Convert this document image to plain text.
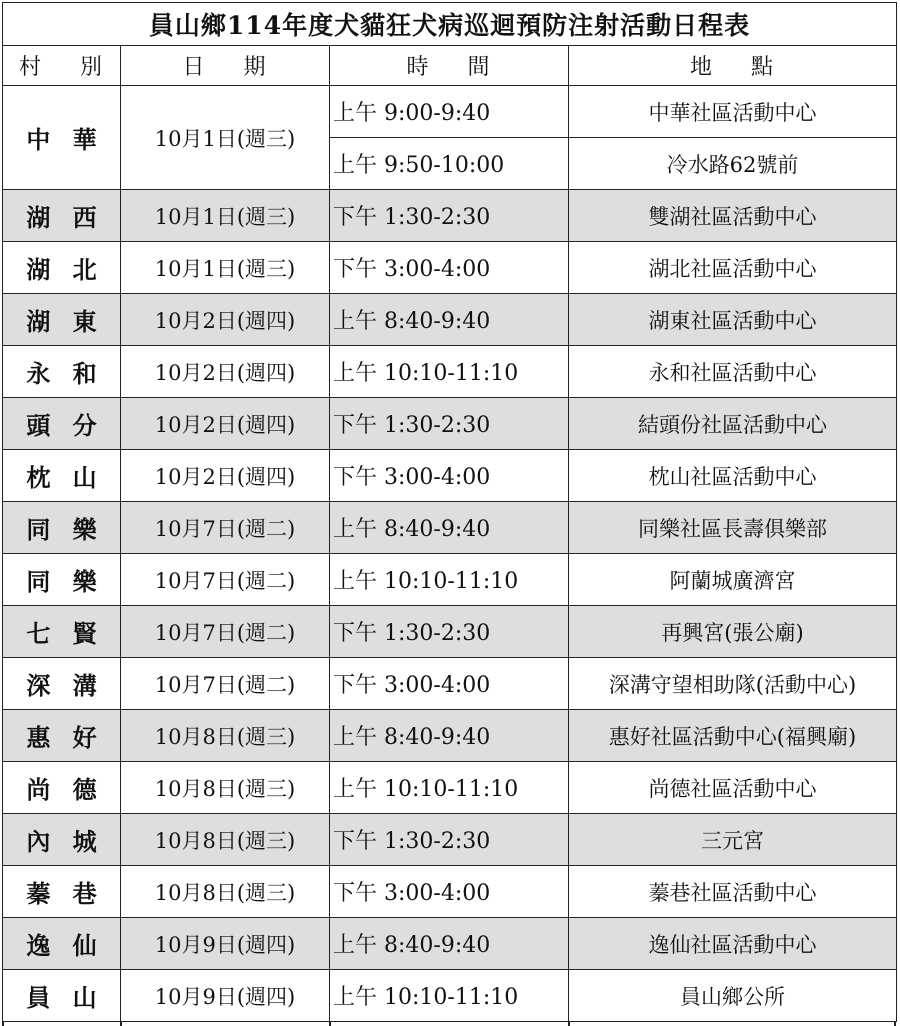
員山鄉114年度犬貓狂犬病巡迴預防注射活動日程表			
村 別	日 期	時 間	地 點
中 華	10月1日(週三)	上午 9:00-9:40	中華社區活動中心
		上午 9:50-10:00	冷水路62號前
湖 西	10月1日(週三)	下午 1:30-2:30	雙湖社區活動中心
湖 北	10月1日(週三)	下午 3:00-4:00	湖北社區活動中心
湖 東	10月2日(週四)	上午 8:40-9:40	湖東社區活動中心
永 和	10月2日(週四)	上午 10:10-11:10	永和社區活動中心
頭 分	10月2日(週四)	下午 1:30-2:30	結頭份社區活動中心
枕 山	10月2日(週四)	下午 3:00-4:00	枕山社區活動中心
同 樂	10月7日(週二)	上午 8:40-9:40	同樂社區長壽俱樂部
同 樂	10月7日(週二)	上午 10:10-11:10	阿蘭城廣濟宮
七 賢	10月7日(週二)	下午 1:30-2:30	再興宮(張公廟)
深 溝	10月7日(週二)	下午 3:00-4:00	深溝守望相助隊(活動中心)
惠 好	10月8日(週三)	上午 8:40-9:40	惠好社區活動中心(福興廟)
尚 德	10月8日(週三)	上午 10:10-11:10	尚德社區活動中心
內 城	10月8日(週三)	下午 1:30-2:30	三元宮
蓁 巷	10月8日(週三)	下午 3:00-4:00	蓁巷社區活動中心
逸 仙	10月9日(週四)	上午 8:40-9:40	逸仙社區活動中心
員 山	10月9日(週四)	上午 10:10-11:10	員山鄉公所
